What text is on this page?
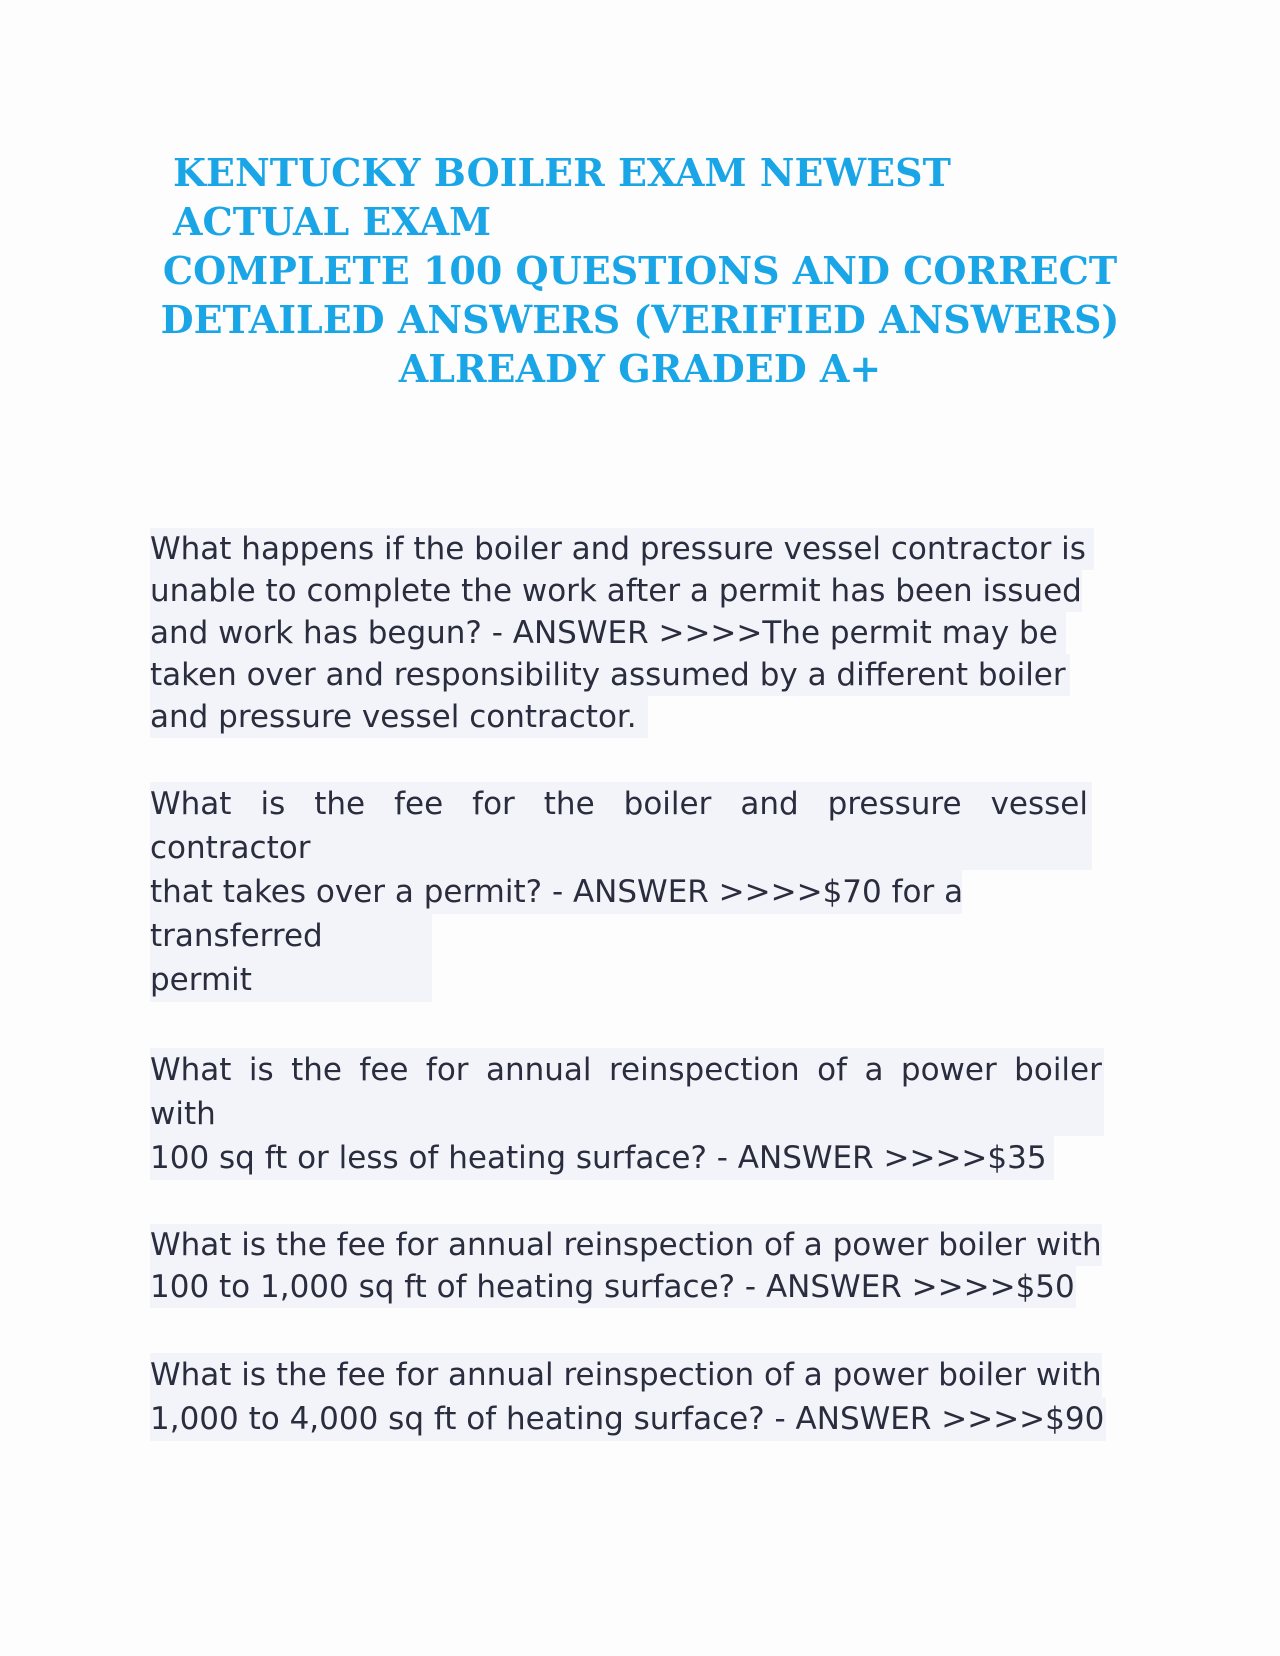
KENTUCKY BOILER EXAM NEWEST
ACTUAL EXAM
COMPLETE 100 QUESTIONS AND CORRECT
DETAILED ANSWERS (VERIFIED ANSWERS)
ALREADY GRADED A+
What happens if the boiler and pressure vessel contractor is
unable to complete the work after a permit has been issued
and work has begun? - ANSWER >>>>The permit may be
taken over and responsibility assumed by a different boiler
and pressure vessel contractor.
What is the fee for the boiler and pressure vessel
contractor
that takes over a permit? - ANSWER >>>>$70 for a
transferred
permit
What is the fee for annual reinspection of a power boiler
with
100 sq ft or less of heating surface? - ANSWER >>>>$35
What is the fee for annual reinspection of a power boiler with
100 to 1,000 sq ft of heating surface? - ANSWER >>>>$50
What is the fee for annual reinspection of a power boiler with
1,000 to 4,000 sq ft of heating surface? - ANSWER >>>>$90
